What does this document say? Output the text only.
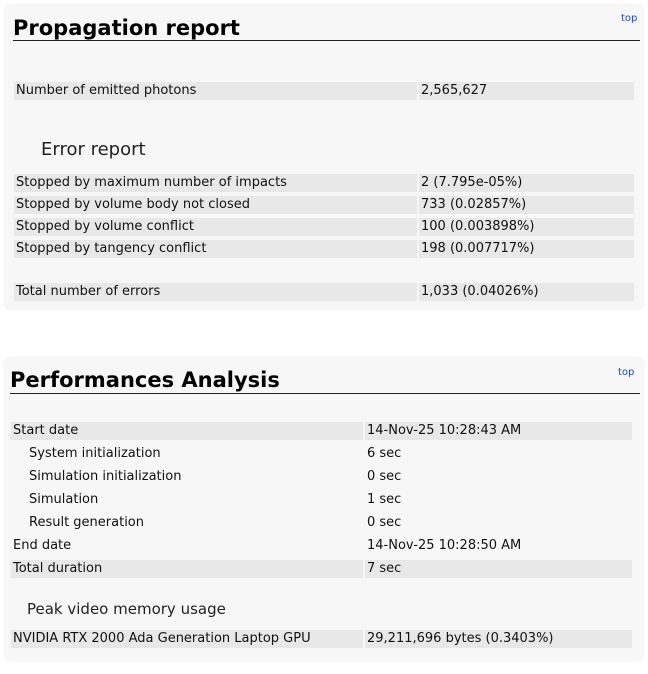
Propagation report	top
Number of emitted photons	2,565,627
Error report
Stopped by maximum number of impacts	2 (7.795e-05%)
Stopped by volume body not closed	733 (0.02857%)
Stopped by volume conflict	100 (0.003898%)
Stopped by tangency conflict	198 (0.007717%)
Total number of errors	1,033 (0.04026%)
Performances Analysis	top
Start date	14-Nov-25 10:28:43 AM
System initialization	6 sec
Simulation initialization	0 sec
Simulation	1 sec
Result generation	0 sec
End date	14-Nov-25 10:28:50 AM
Total duration	7 sec
Peak video memory usage
NVIDIA RTX 2000 Ada Generation Laptop GPU	29,211,696 bytes (0.3403%)
